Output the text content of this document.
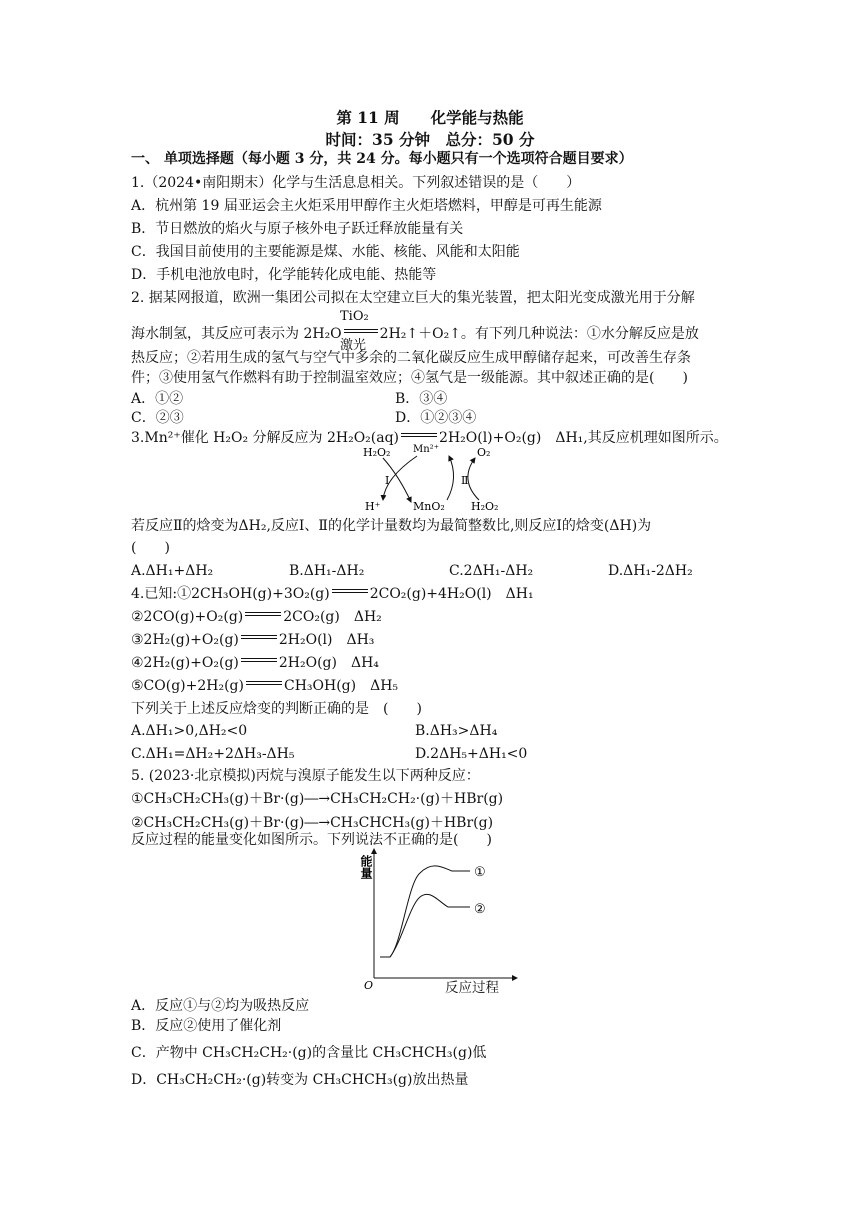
第 11 周　　化学能与热能
时间：35 分钟　总分：50 分
一、 单项选择题（每小题 3 分，共 24 分。每小题只有一个选项符合题目要求）
1.（2024•南阳期末）化学与生活息息相关。下列叙述错误的是（　　）
A．杭州第 19 届亚运会主火炬采用甲醇作主火炬塔燃料，甲醇是可再生能源
B．节日燃放的焰火与原子核外电子跃迁释放能量有关
C．我国目前使用的主要能源是煤、水能、核能、风能和太阳能
D．手机电池放电时，化学能转化成电能、热能等
2. 据某网报道，欧洲一集团公司拟在太空建立巨大的集光装置，把太阳光变成激光用于分解
TiO₂
海水制氢，其反应可表示为 2H₂O	2H₂↑＋O₂↑。有下列几种说法：①水分解反应是放
激光
热反应；②若用生成的氢气与空气中多余的二氧化碳反应生成甲醇储存起来，可改善生存条
件；③使用氢气作燃料有助于控制温室效应；④氢气是一级能源。其中叙述正确的是(　　)
A．①②	B．③④
C．②③	D．①②③④
3.Mn²⁺催化 H₂O₂ 分解反应为 2H₂O₂(aq)	2H₂O(l)+O₂(g)　ΔH₁,其反应机理如图所示。
H₂O₂ Mn²⁺	O₂
Ⅰ	Ⅱ
H⁺	MnO₂ H₂O₂
若反应Ⅱ的焓变为ΔH₂,反应Ⅰ、Ⅱ的化学计量数均为最简整数比,则反应Ⅰ的焓变(ΔH)为
(　　)
A.ΔH₁+ΔH₂	B.ΔH₁-ΔH₂	C.2ΔH₁-ΔH₂	D.ΔH₁-2ΔH₂
4.已知:①2CH₃OH(g)+3O₂(g)	2CO₂(g)+4H₂O(l)　ΔH₁
②2CO(g)+O₂(g)	2CO₂(g)　ΔH₂
③2H₂(g)+O₂(g)	2H₂O(l)　ΔH₃
④2H₂(g)+O₂(g)	2H₂O(g)　ΔH₄
⑤CO(g)+2H₂(g)	CH₃OH(g)　ΔH₅
下列关于上述反应焓变的判断正确的是　(　　)
A.ΔH₁>0,ΔH₂<0	B.ΔH₃>ΔH₄
C.ΔH₁=ΔH₂+2ΔH₃-ΔH₅	D.2ΔH₅+ΔH₁<0
5. (2023·北京模拟)丙烷与溴原子能发生以下两种反应：
①CH₃CH₂CH₃(g)＋Br·(g)―→CH₃CH₂CH₂·(g)＋HBr(g)
②CH₃CH₂CH₃(g)＋Br·(g)―→CH₃CHCH₃(g)＋HBr(g)
反应过程的能量变化如图所示。下列说法不正确的是(　　)
能量
O
①
②
反应过程
A．反应①与②均为吸热反应
B．反应②使用了催化剂
C．产物中 CH₃CH₂CH₂·(g)的含量比 CH₃CHCH₃(g)低
D．CH₃CH₂CH₂·(g)转变为 CH₃CHCH₃(g)放出热量
